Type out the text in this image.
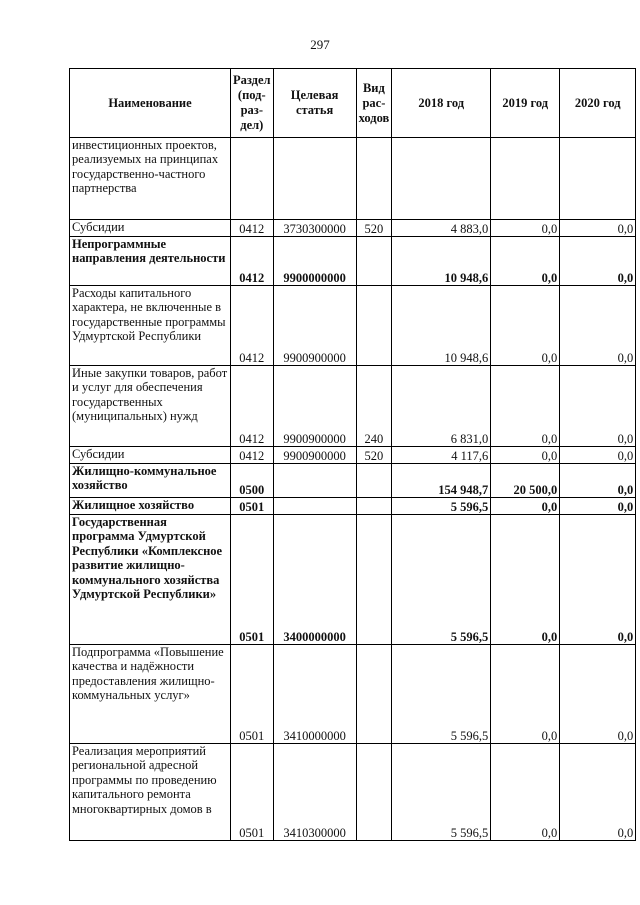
297
Наименование	Раздел (под-раз-дел)	Целевая статья	Вид рас-ходов	2018 год	2019 год	2020 год
инвестиционных проектов, реализуемых на принципах государственно-частного партнерства						
Субсидии	0412	3730300000	520	4 883,0	0,0	0,0
Непрограммные направления деятельности	0412	9900000000		10 948,6	0,0	0,0
Расходы капитального характера, не включенные в государственные программы Удмуртской Республики	0412	9900900000		10 948,6	0,0	0,0
Иные закупки товаров, работ и услуг для обеспечения государственных (муниципальных) нужд	0412	9900900000	240	6 831,0	0,0	0,0
Субсидии	0412	9900900000	520	4 117,6	0,0	0,0
Жилищно-коммунальное хозяйство	0500			154 948,7	20 500,0	0,0
Жилищное хозяйство	0501			5 596,5	0,0	0,0
Государственная программа Удмуртской Республики «Комплексное развитие жилищно-коммунального хозяйства Удмуртской Республики»	0501	3400000000		5 596,5	0,0	0,0
Подпрограмма «Повышение качества и надёжности предоставления жилищно-коммунальных услуг»	0501	3410000000		5 596,5	0,0	0,0
Реализация мероприятий региональной адресной программы по проведению капитального ремонта многоквартирных домов в	0501	3410300000		5 596,5	0,0	0,0
